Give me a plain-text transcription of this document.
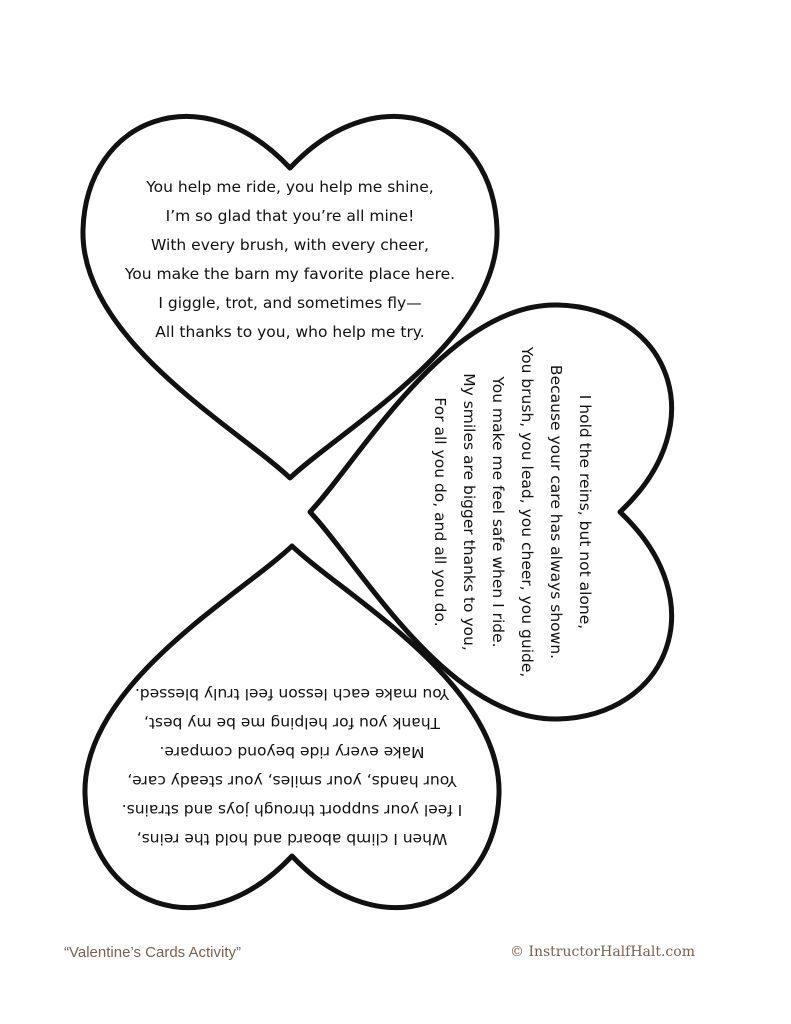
You help me ride, you help me shine,
I’m so glad that you’re all mine!
With every brush, with every cheer,
You make the barn my favorite place here.
I giggle, trot, and sometimes fly—
All thanks to you, who help me try.
I hold the reins, but not alone,
Because your care has always shown.
You brush, you lead, you cheer, you guide,
You make me feel safe when I ride.
My smiles are bigger thanks to you,
For all you do, and all you do.
When I climb aboard and hold the reins,
I feel your support through joys and strains.
Your hands, your smiles, your steady care,
Make every ride beyond compare.
Thank you for helping me be my best,
You make each lesson feel truly blessed.
“Valentine’s Cards Activity”	© InstructorHalfHalt.com
